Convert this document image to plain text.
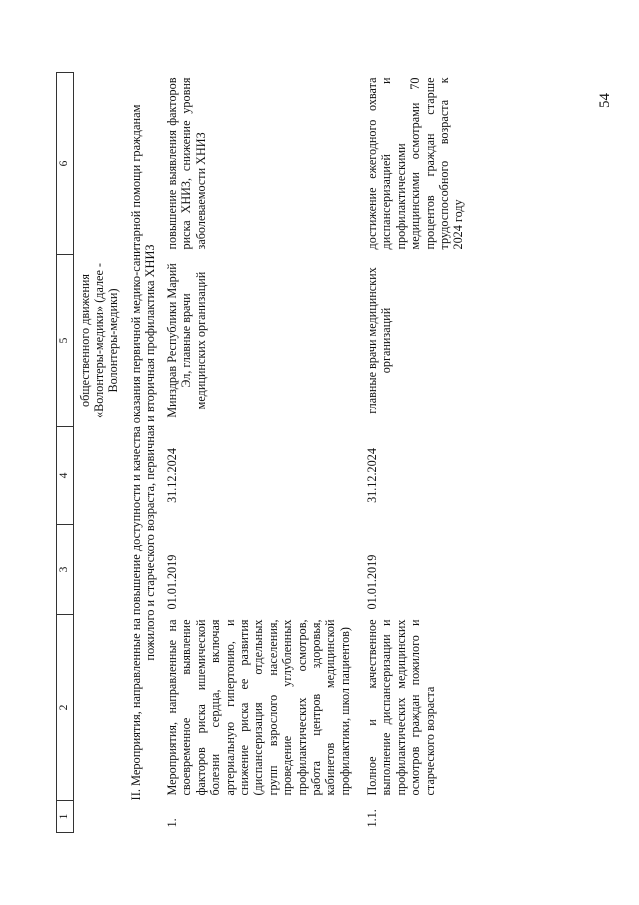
54
1	2	3	4	5	6
				общественного движения «Волонтеры-медики» (далее - Волонтеры-медики)	
II. Мероприятия, направленные на повышение доступности и качества оказания первичной медико-санитарной помощи гражданам пожилого и старческого возраста, первичная и вторичная профилактика ХНИЗ					
1.	Мероприятия, направленные на своевременное выявление факторов риска ишемической болезни сердца, включая артериальную гипертонию, и снижение риска ее развития (диспансеризация отдельных групп взрослого населения, проведение углубленных профилактических осмотров, работа центров здоровья, кабинетов медицинской профилактики, школ пациентов)	01.01.2019	31.12.2024	Минздрав Республики Марий Эл, главные врачи медицинских организаций	повышение выявления факторов риска ХНИЗ, снижение уровня заболеваемости ХНИЗ
1.1.	Полное и качественное выполнение диспансеризации и профилактических медицинских осмотров граждан пожилого и старческого возраста	01.01.2019	31.12.2024	главные врачи медицинских организаций	достижение ежегодного охвата диспансеризацией и профилактическими медицинскими осмотрами 70 процентов граждан старше трудоспособного возраста к 2024 году
